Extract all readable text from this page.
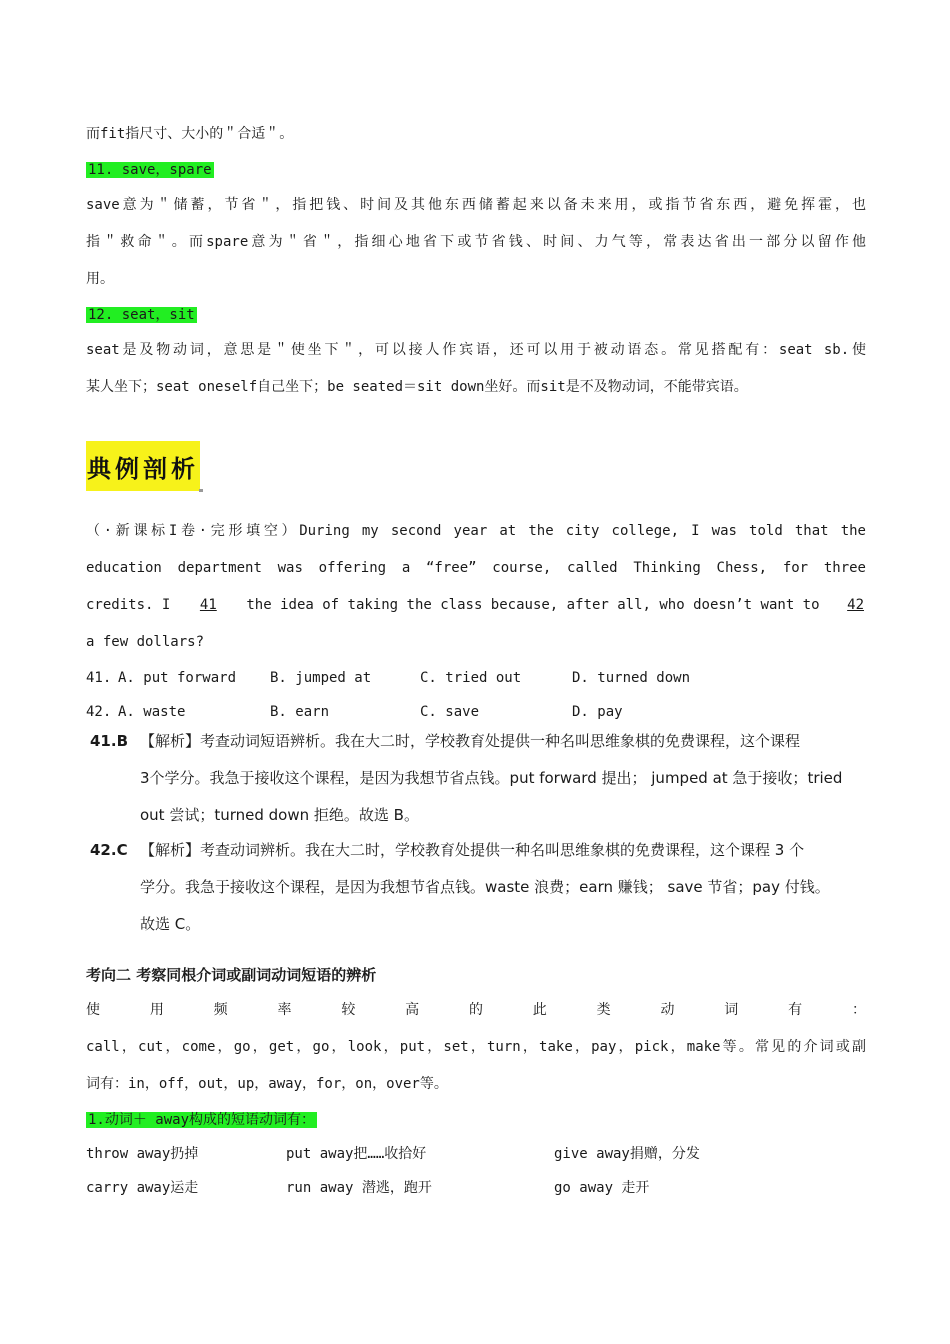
而fit指尺寸、大小的＂合适＂。
11. save，spare
save意为＂储蓄，节省＂，指把钱、时间及其他东西储蓄起来以备未来用，或指节省东西，避免挥霍，也
指＂救命＂。而spare意为＂省＂，指细心地省下或节省钱、时间、力气等，常表达省出一部分以留作他
用。
12. seat，sit
seat是及物动词，意思是＂使坐下＂，可以接人作宾语，还可以用于被动语态。常见搭配有：seat sb.使
某人坐下；seat oneself自己坐下；be seated＝sit down坐好。而sit是不及物动词，不能带宾语。
典例剖析
（·新课标I卷·完形填空）During my second year at the city college, I was told that the
education department was offering a “free” course, called Thinking Chess, for three
credits. I	41	the idea of taking the class because, after all, who doesn’t want to	42
a few dollars?
41. A. put forward B. jumped at	C. tried out	D. turned down
42. A. waste	B. earn	C. save	D. pay
41.B 【解析】考查动词短语辨析。我在大二时，学校教育处提供一种名叫思维象棋的免费课程，这个课程
3个学分。我急于接收这个课程，是因为我想节省点钱。put forward 提出； jumped at 急于接收；tried
out 尝试；turned down 拒绝。故选 B。
42.C 【解析】考查动词辨析。我在大二时，学校教育处提供一种名叫思维象棋的免费课程，这个课程 3 个
学分。我急于接收这个课程，是因为我想节省点钱。waste 浪费；earn 赚钱； save 节省；pay 付钱。
故选 C。
考向二 考察同根介词或副词动词短语的辨析
使	用	频	率	较	高	的	此	类	动	词	有	：
call，cut，come，go，get，go，look，put，set，turn，take，pay，pick，make等。常见的介词或副
词有：in，off，out，up，away，for，on，over等。
1.动词＋ away构成的短语动词有：
throw away扔掉	put away把……收拾好	give away捐赠，分发
carry away运走	run away 潜逃，跑开	go away 走开
